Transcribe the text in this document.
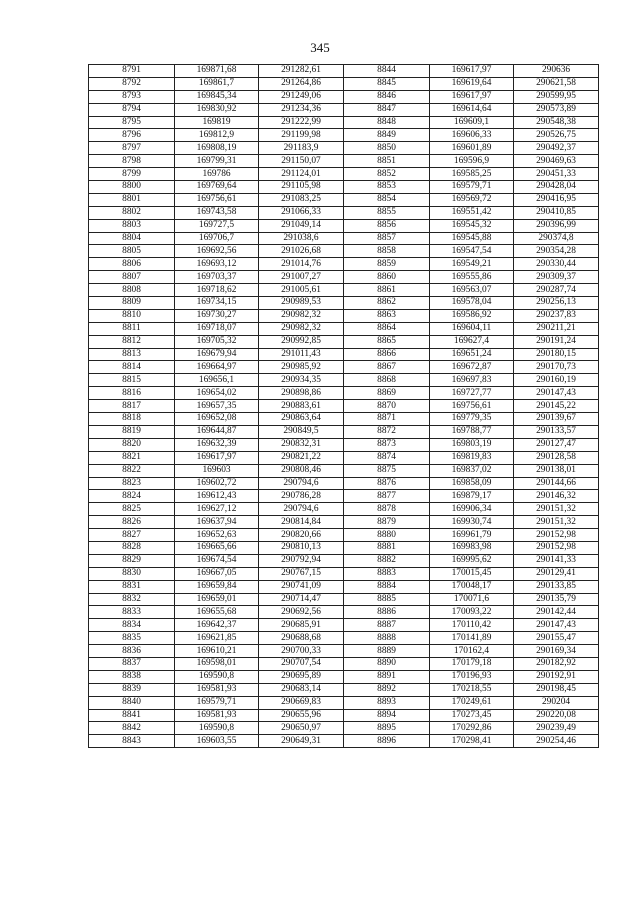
345
8791	169871,68	291282,61	8844	169617,97	290636
8792	169861,7	291264,86	8845	169619,64	290621,58
8793	169845,34	291249,06	8846	169617,97	290599,95
8794	169830,92	291234,36	8847	169614,64	290573,89
8795	169819	291222,99	8848	169609,1	290548,38
8796	169812,9	291199,98	8849	169606,33	290526,75
8797	169808,19	291183,9	8850	169601,89	290492,37
8798	169799,31	291150,07	8851	169596,9	290469,63
8799	169786	291124,01	8852	169585,25	290451,33
8800	169769,64	291105,98	8853	169579,71	290428,04
8801	169756,61	291083,25	8854	169569,72	290416,95
8802	169743,58	291066,33	8855	169551,42	290410,85
8803	169727,5	291049,14	8856	169545,32	290396,99
8804	169706,7	291038,6	8857	169545,88	290374,8
8805	169692,56	291026,68	8858	169547,54	290354,28
8806	169693,12	291014,76	8859	169549,21	290330,44
8807	169703,37	291007,27	8860	169555,86	290309,37
8808	169718,62	291005,61	8861	169563,07	290287,74
8809	169734,15	290989,53	8862	169578,04	290256,13
8810	169730,27	290982,32	8863	169586,92	290237,83
8811	169718,07	290982,32	8864	169604,11	290211,21
8812	169705,32	290992,85	8865	169627,4	290191,24
8813	169679,94	291011,43	8866	169651,24	290180,15
8814	169664,97	290985,92	8867	169672,87	290170,73
8815	169656,1	290934,35	8868	169697,83	290160,19
8816	169654,02	290898,86	8869	169727,77	290147,43
8817	169657,35	290883,61	8870	169756,61	290145,22
8818	169652,08	290863,64	8871	169779,35	290139,67
8819	169644,87	290849,5	8872	169788,77	290133,57
8820	169632,39	290832,31	8873	169803,19	290127,47
8821	169617,97	290821,22	8874	169819,83	290128,58
8822	169603	290808,46	8875	169837,02	290138,01
8823	169602,72	290794,6	8876	169858,09	290144,66
8824	169612,43	290786,28	8877	169879,17	290146,32
8825	169627,12	290794,6	8878	169906,34	290151,32
8826	169637,94	290814,84	8879	169930,74	290151,32
8827	169652,63	290820,66	8880	169961,79	290152,98
8828	169665,66	290810,13	8881	169983,98	290152,98
8829	169674,54	290792,94	8882	169995,62	290141,33
8830	169667,05	290767,15	8883	170015,45	290129,41
8831	169659,84	290741,09	8884	170048,17	290133,85
8832	169659,01	290714,47	8885	170071,6	290135,79
8833	169655,68	290692,56	8886	170093,22	290142,44
8834	169642,37	290685,91	8887	170110,42	290147,43
8835	169621,85	290688,68	8888	170141,89	290155,47
8836	169610,21	290700,33	8889	170162,4	290169,34
8837	169598,01	290707,54	8890	170179,18	290182,92
8838	169590,8	290695,89	8891	170196,93	290192,91
8839	169581,93	290683,14	8892	170218,55	290198,45
8840	169579,71	290669,83	8893	170249,61	290204
8841	169581,93	290655,96	8894	170273,45	290220,08
8842	169590,8	290650,97	8895	170292,86	290239,49
8843	169603,55	290649,31	8896	170298,41	290254,46
